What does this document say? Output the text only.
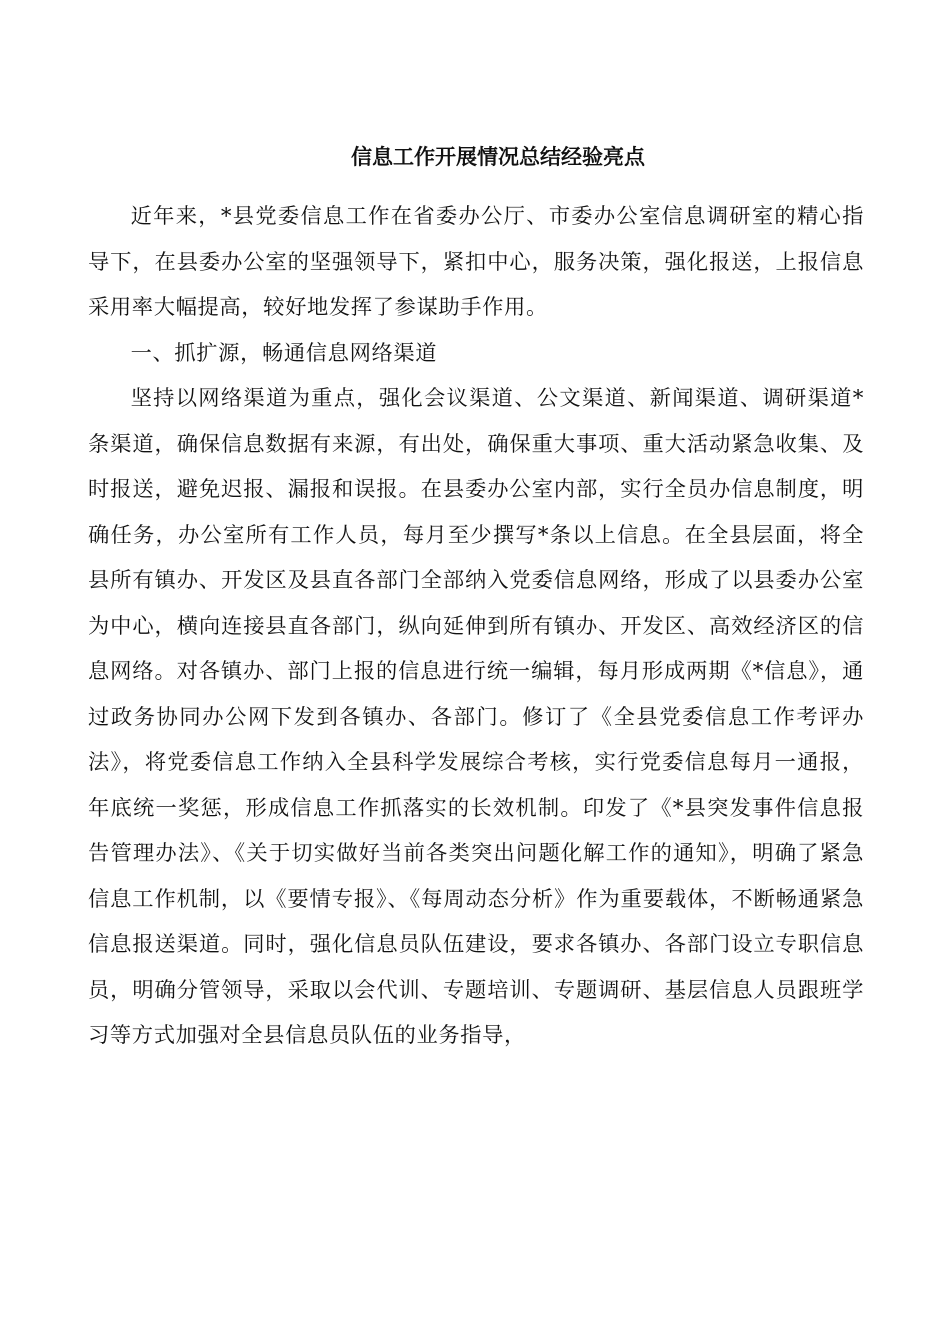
信息工作开展情况总结经验亮点

近年来，*县党委信息工作在省委办公厅、市委办公室信息调研室的精心指导下，在县委办公室的坚强领导下，紧扣中心，服务决策，强化报送，上报信息采用率大幅提高，较好地发挥了参谋助手作用。

一、抓扩源，畅通信息网络渠道

坚持以网络渠道为重点，强化会议渠道、公文渠道、新闻渠道、调研渠道*条渠道，确保信息数据有来源，有出处，确保重大事项、重大活动紧急收集、及时报送，避免迟报、漏报和误报。在县委办公室内部，实行全员办信息制度，明确任务，办公室所有工作人员，每月至少撰写*条以上信息。在全县层面，将全县所有镇办、开发区及县直各部门全部纳入党委信息网络，形成了以县委办公室为中心，横向连接县直各部门，纵向延伸到所有镇办、开发区、高效经济区的信息网络。对各镇办、部门上报的信息进行统一编辑，每月形成两期《*信息》，通过政务协同办公网下发到各镇办、各部门。修订了《全县党委信息工作考评办法》，将党委信息工作纳入全县科学发展综合考核，实行党委信息每月一通报，年底统一奖惩，形成信息工作抓落实的长效机制。印发了《*县突发事件信息报告管理办法》、《关于切实做好当前各类突出问题化解工作的通知》，明确了紧急信息工作机制，以《要情专报》、《每周动态分析》作为重要载体，不断畅通紧急信息报送渠道。同时，强化信息员队伍建设，要求各镇办、各部门设立专职信息员，明确分管领导，采取以会代训、专题培训、专题调研、基层信息人员跟班学习等方式加强对全县信息员队伍的业务指导，
